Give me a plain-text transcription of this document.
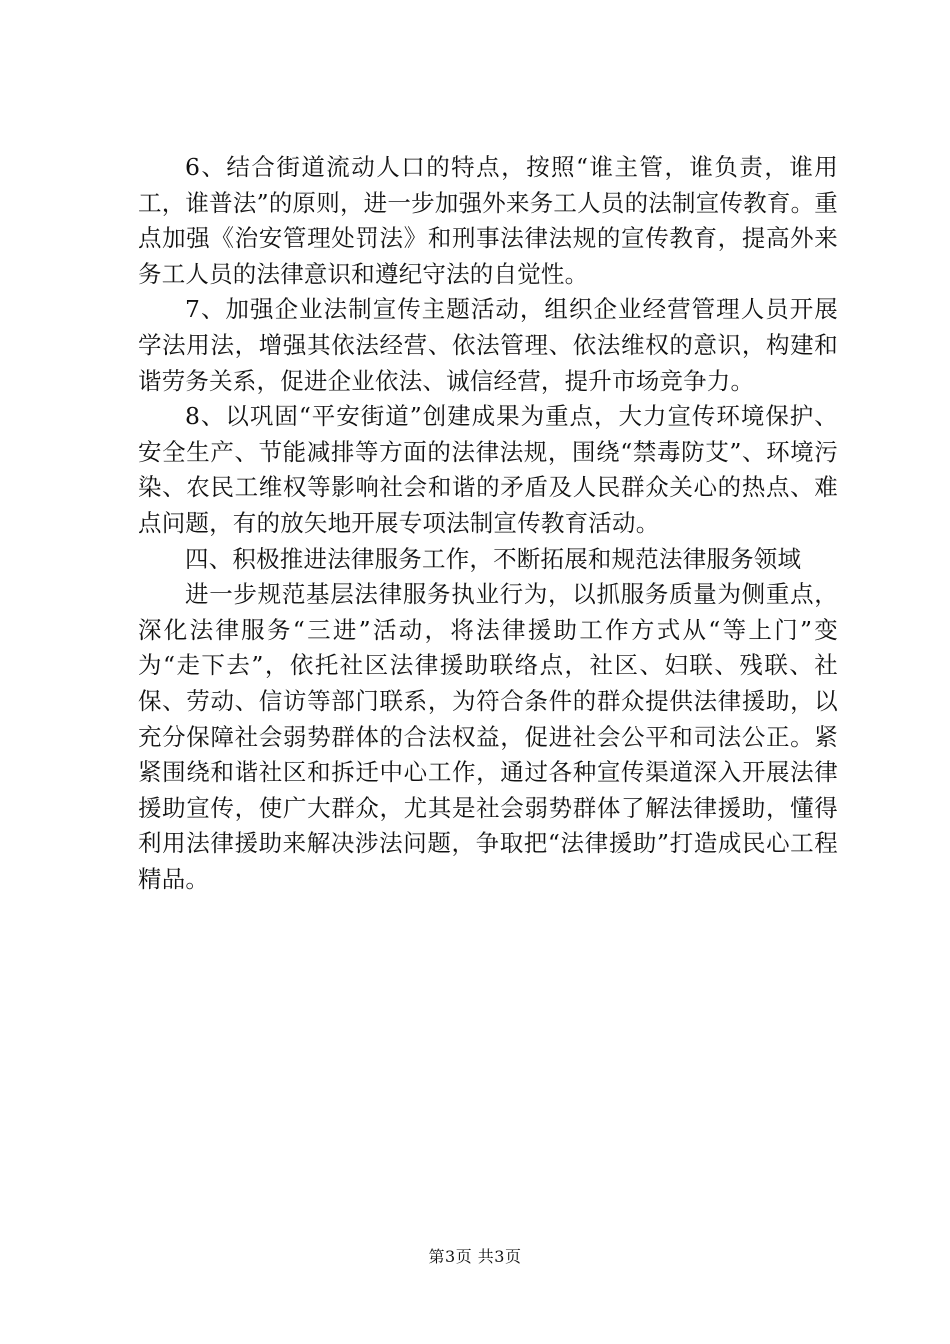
6、结合街道流动人口的特点，按照“谁主管，谁负责，谁用工，谁普法”的原则，进一步加强外来务工人员的法制宣传教育。重点加强《治安管理处罚法》和刑事法律法规的宣传教育，提高外来务工人员的法律意识和遵纪守法的自觉性。

7、加强企业法制宣传主题活动，组织企业经营管理人员开展学法用法，增强其依法经营、依法管理、依法维权的意识，构建和谐劳务关系，促进企业依法、诚信经营，提升市场竞争力。

8、以巩固“平安街道”创建成果为重点，大力宣传环境保护、安全生产、节能减排等方面的法律法规，围绕“禁毒防艾”、环境污染、农民工维权等影响社会和谐的矛盾及人民群众关心的热点、难点问题，有的放矢地开展专项法制宣传教育活动。

四、积极推进法律服务工作，不断拓展和规范法律服务领域

进一步规范基层法律服务执业行为，以抓服务质量为侧重点，深化法律服务“三进”活动，将法律援助工作方式从“等上门”变为“走下去”，依托社区法律援助联络点，社区、妇联、残联、社保、劳动、信访等部门联系，为符合条件的群众提供法律援助，以充分保障社会弱势群体的合法权益，促进社会公平和司法公正。紧紧围绕和谐社区和拆迁中心工作，通过各种宣传渠道深入开展法律援助宣传，使广大群众，尤其是社会弱势群体了解法律援助，懂得利用法律援助来解决涉法问题，争取把“法律援助”打造成民心工程精品。

第3页 共3页
